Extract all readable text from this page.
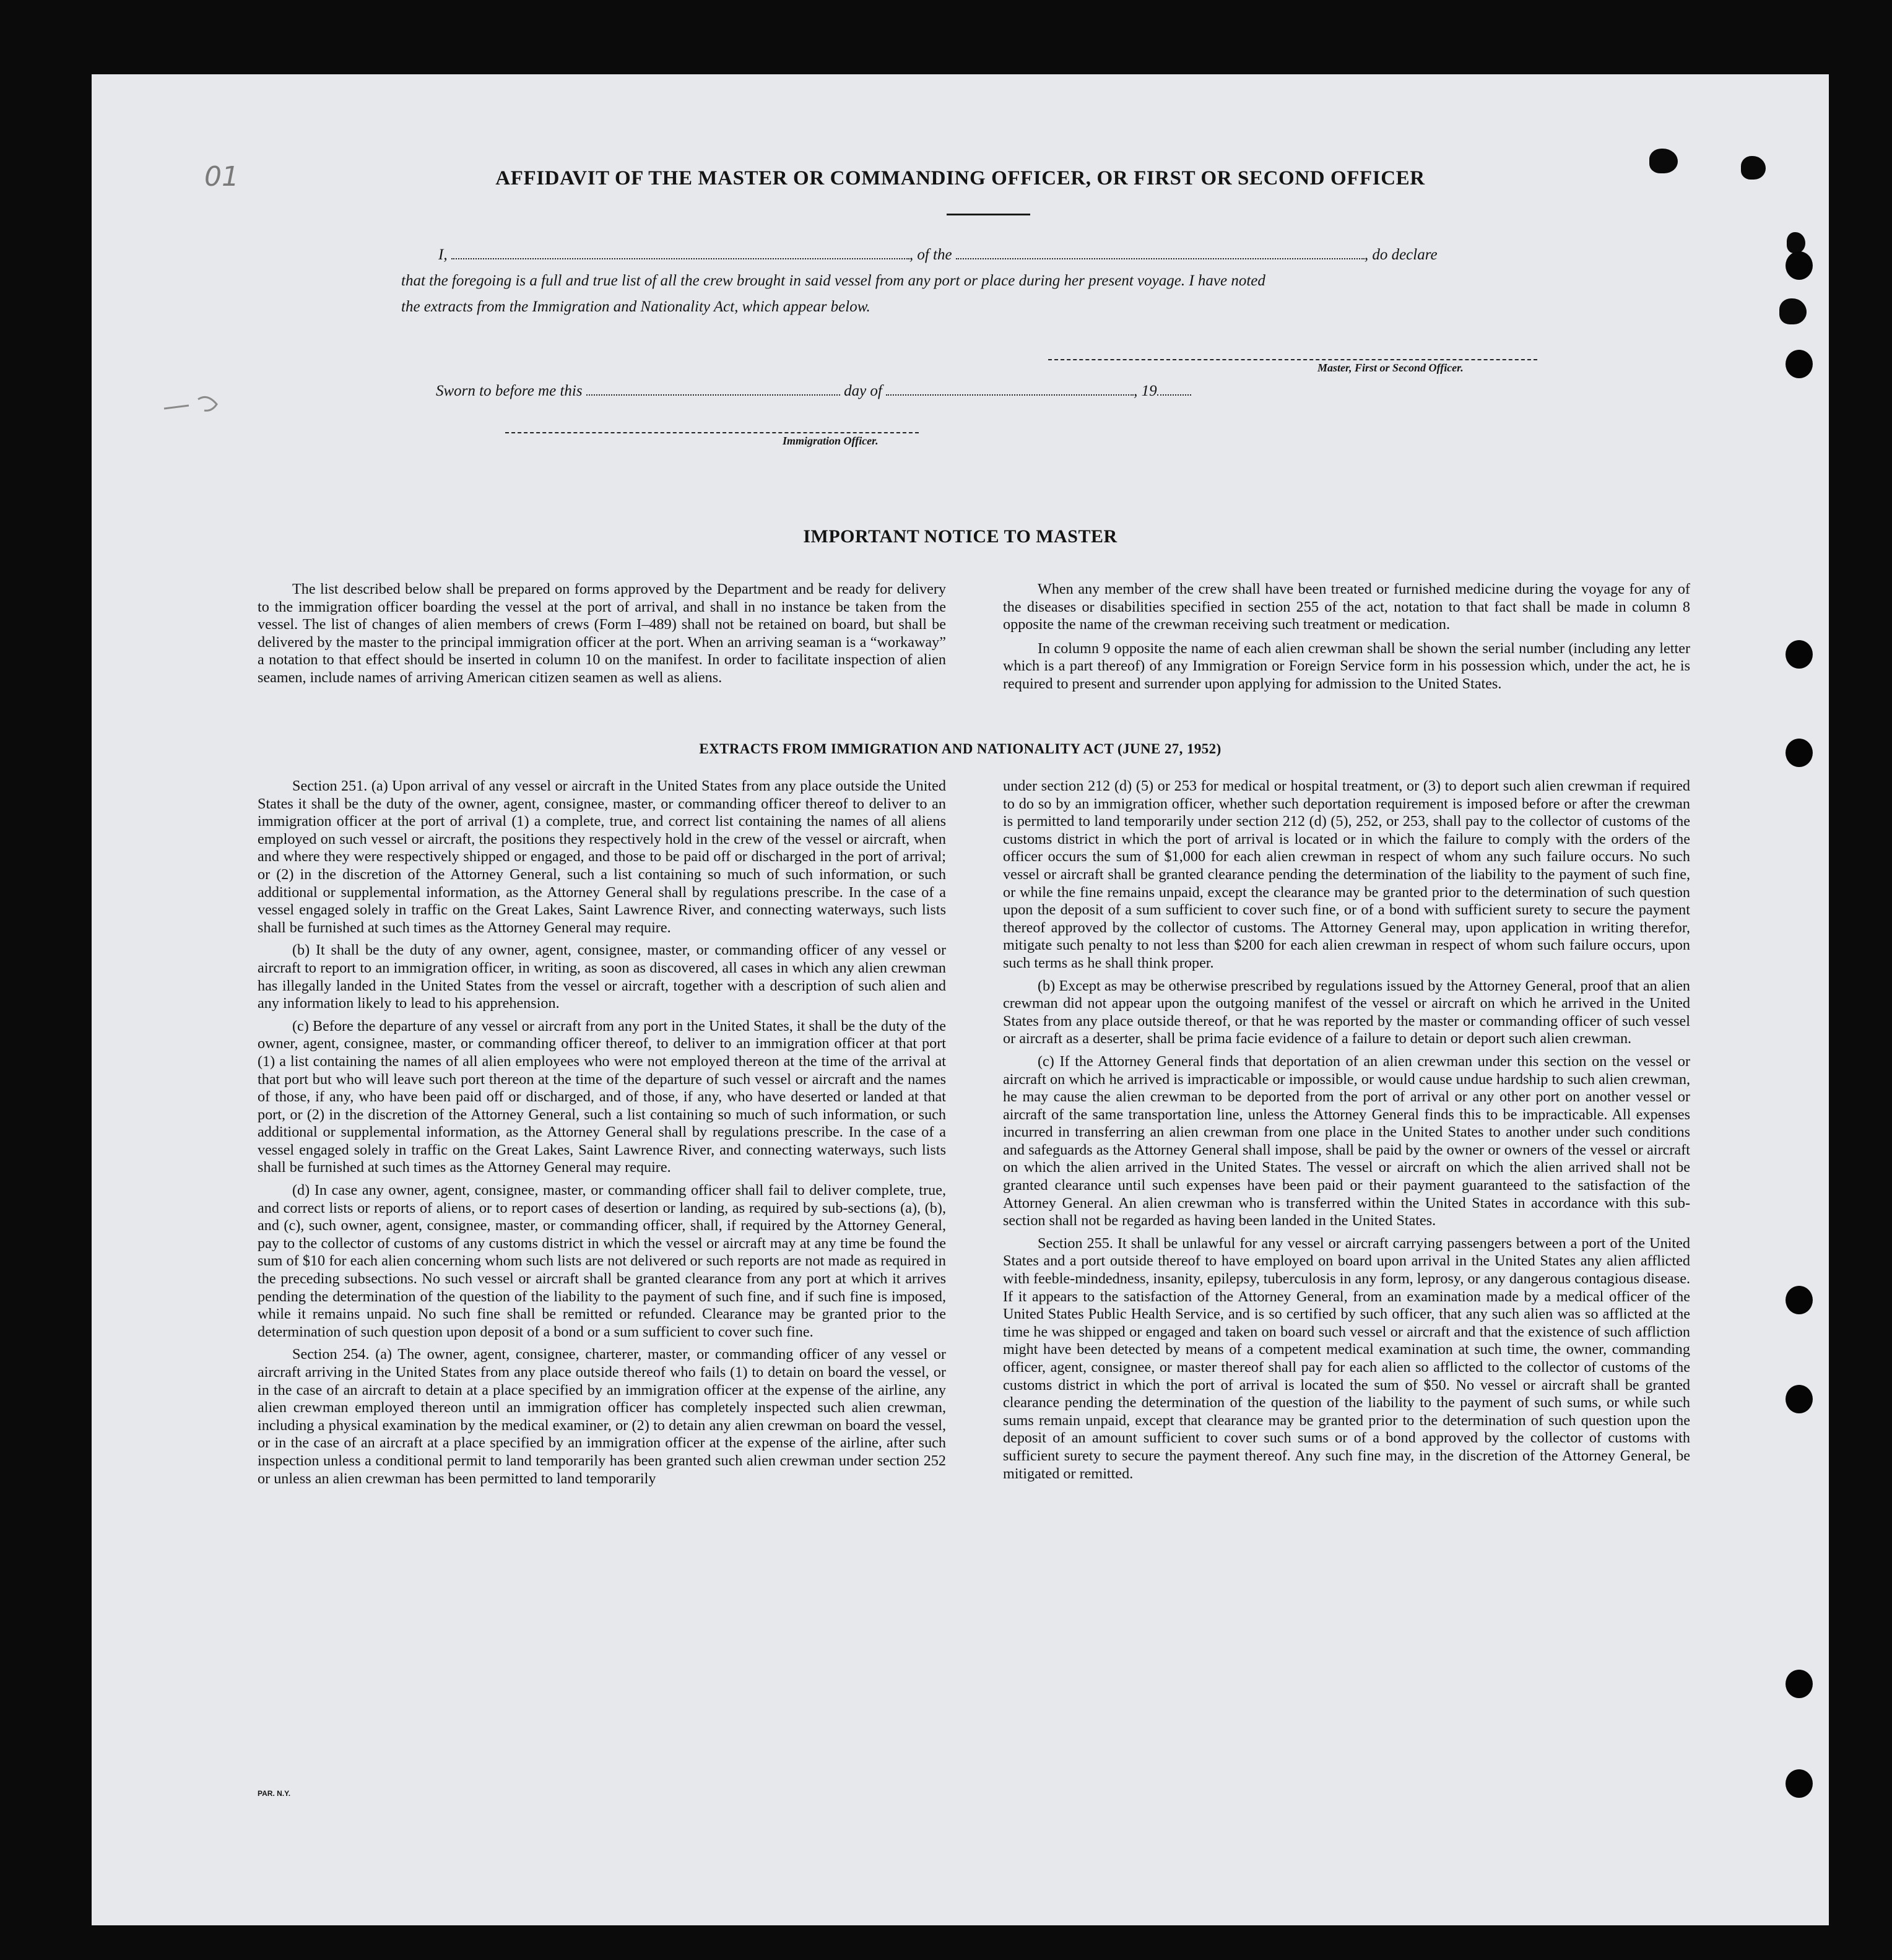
01	AFFIDAVIT OF THE MASTER OR COMMANDING OFFICER, OR FIRST OR SECOND OFFICER
I,	, of the	, do declare
that the foregoing is a full and true list of all the crew brought in said vessel from any port or place during her present voyage. I have noted
the extracts from the Immigration and Nationality Act, which appear below.
Master, First or Second Officer.
Sworn to before me this	day of	, 19
Immigration Officer.
IMPORTANT NOTICE TO MASTER

The list described below shall be prepared on forms approved by the Department and be ready for delivery to the immigration officer boarding the vessel at the port of arrival, and shall in no instance be taken from the vessel. The list of changes of alien members of crews (Form I–489) shall not be retained on board, but shall be delivered by the master to the principal immigration officer at the port. When an arriving seaman is a “workaway” a notation to that effect should be inserted in column 10 on the manifest. In order to facilitate inspection of alien seamen, include names of arriving American citizen seamen as well as aliens.

When any member of the crew shall have been treated or furnished medicine during the voyage for any of the diseases or disabilities specified in section 255 of the act, notation to that fact shall be made in column 8 opposite the name of the crewman receiving such treatment or medication.

In column 9 opposite the name of each alien crewman shall be shown the serial number (including any letter which is a part thereof) of any Immigration or Foreign Service form in his possession which, under the act, he is required to present and surrender upon applying for admission to the United States.

EXTRACTS FROM IMMIGRATION AND NATIONALITY ACT (JUNE 27, 1952)

Section 251. (a) Upon arrival of any vessel or aircraft in the United States from any place outside the United States it shall be the duty of the owner, agent, consignee, master, or commanding officer thereof to deliver to an immigration officer at the port of arrival (1) a complete, true, and correct list containing the names of all aliens employed on such vessel or aircraft, the positions they respectively hold in the crew of the vessel or aircraft, when and where they were respectively shipped or engaged, and those to be paid off or discharged in the port of arrival; or (2) in the discretion of the Attorney General, such a list containing so much of such information, or such additional or supplemental information, as the Attorney General shall by regulations prescribe. In the case of a vessel engaged solely in traffic on the Great Lakes, Saint Lawrence River, and connecting waterways, such lists shall be furnished at such times as the Attorney General may require.

(b) It shall be the duty of any owner, agent, consignee, master, or commanding officer of any vessel or aircraft to report to an immigration officer, in writing, as soon as discovered, all cases in which any alien crewman has illegally landed in the United States from the vessel or aircraft, together with a description of such alien and any information likely to lead to his apprehension.

(c) Before the departure of any vessel or aircraft from any port in the United States, it shall be the duty of the owner, agent, consignee, master, or commanding officer thereof, to deliver to an immigration officer at that port (1) a list containing the names of all alien employees who were not employed thereon at the time of the arrival at that port but who will leave such port thereon at the time of the departure of such vessel or aircraft and the names of those, if any, who have been paid off or discharged, and of those, if any, who have deserted or landed at that port, or (2) in the discretion of the Attorney General, such a list containing so much of such information, or such additional or supplemental information, as the Attorney General shall by regulations prescribe. In the case of a vessel engaged solely in traffic on the Great Lakes, Saint Lawrence River, and connecting waterways, such lists shall be furnished at such times as the Attorney General may require.

(d) In case any owner, agent, consignee, master, or commanding officer shall fail to deliver complete, true, and correct lists or reports of aliens, or to report cases of desertion or landing, as required by sub-sections (a), (b), and (c), such owner, agent, consignee, master, or commanding officer, shall, if required by the Attorney General, pay to the collector of customs of any customs district in which the vessel or aircraft may at any time be found the sum of $10 for each alien concerning whom such lists are not delivered or such reports are not made as required in the preceding subsections. No such vessel or aircraft shall be granted clearance from any port at which it arrives pending the determination of the question of the liability to the payment of such fine, and if such fine is imposed, while it remains unpaid. No such fine shall be remitted or refunded. Clearance may be granted prior to the determination of such question upon deposit of a bond or a sum sufficient to cover such fine.

Section 254. (a) The owner, agent, consignee, charterer, master, or commanding officer of any vessel or aircraft arriving in the United States from any place outside thereof who fails (1) to detain on board the vessel, or in the case of an aircraft to detain at a place specified by an immigration officer at the expense of the airline, any alien crewman employed thereon until an immigration officer has completely inspected such alien crewman, including a physical examination by the medical examiner, or (2) to detain any alien crewman on board the vessel, or in the case of an aircraft at a place specified by an immigration officer at the expense of the airline, after such inspection unless a conditional permit to land temporarily has been granted such alien crewman under section 252 or unless an alien crewman has been permitted to land temporarily

under section 212 (d) (5) or 253 for medical or hospital treatment, or (3) to deport such alien crewman if required to do so by an immigration officer, whether such deportation requirement is imposed before or after the crewman is permitted to land temporarily under section 212 (d) (5), 252, or 253, shall pay to the collector of customs of the customs district in which the port of arrival is located or in which the failure to comply with the orders of the officer occurs the sum of $1,000 for each alien crewman in respect of whom any such failure occurs. No such vessel or aircraft shall be granted clearance pending the determination of the liability to the payment of such fine, or while the fine remains unpaid, except the clearance may be granted prior to the determination of such question upon the deposit of a sum sufficient to cover such fine, or of a bond with sufficient surety to secure the payment thereof approved by the collector of customs. The Attorney General may, upon application in writing therefor, mitigate such penalty to not less than $200 for each alien crewman in respect of whom such failure occurs, upon such terms as he shall think proper.

(b) Except as may be otherwise prescribed by regulations issued by the Attorney General, proof that an alien crewman did not appear upon the outgoing manifest of the vessel or aircraft on which he arrived in the United States from any place outside thereof, or that he was reported by the master or commanding officer of such vessel or aircraft as a deserter, shall be prima facie evidence of a failure to detain or deport such alien crewman.

(c) If the Attorney General finds that deportation of an alien crewman under this section on the vessel or aircraft on which he arrived is impracticable or impossible, or would cause undue hardship to such alien crewman, he may cause the alien crewman to be deported from the port of arrival or any other port on another vessel or aircraft of the same transportation line, unless the Attorney General finds this to be impracticable. All expenses incurred in transferring an alien crewman from one place in the United States to another under such conditions and safeguards as the Attorney General shall impose, shall be paid by the owner or owners of the vessel or aircraft on which the alien arrived in the United States. The vessel or aircraft on which the alien arrived shall not be granted clearance until such expenses have been paid or their payment guaranteed to the satisfaction of the Attorney General. An alien crewman who is transferred within the United States in accordance with this sub-section shall not be regarded as having been landed in the United States.

Section 255. It shall be unlawful for any vessel or aircraft carrying passengers between a port of the United States and a port outside thereof to have employed on board upon arrival in the United States any alien afflicted with feeble-mindedness, insanity, epilepsy, tuberculosis in any form, leprosy, or any dangerous contagious disease. If it appears to the satisfaction of the Attorney General, from an examination made by a medical officer of the United States Public Health Service, and is so certified by such officer, that any such alien was so afflicted at the time he was shipped or engaged and taken on board such vessel or aircraft and that the existence of such affliction might have been detected by means of a competent medical examination at such time, the owner, commanding officer, agent, consignee, or master thereof shall pay for each alien so afflicted to the collector of customs of the customs district in which the port of arrival is located the sum of $50. No vessel or aircraft shall be granted clearance pending the determination of the question of the liability to the payment of such sums, or while such sums remain unpaid, except that clearance may be granted prior to the determination of such question upon the deposit of an amount sufficient to cover such sums or of a bond approved by the collector of customs with sufficient surety to secure the payment thereof. Any such fine may, in the discretion of the Attorney General, be mitigated or remitted.

PAR. N.Y.
